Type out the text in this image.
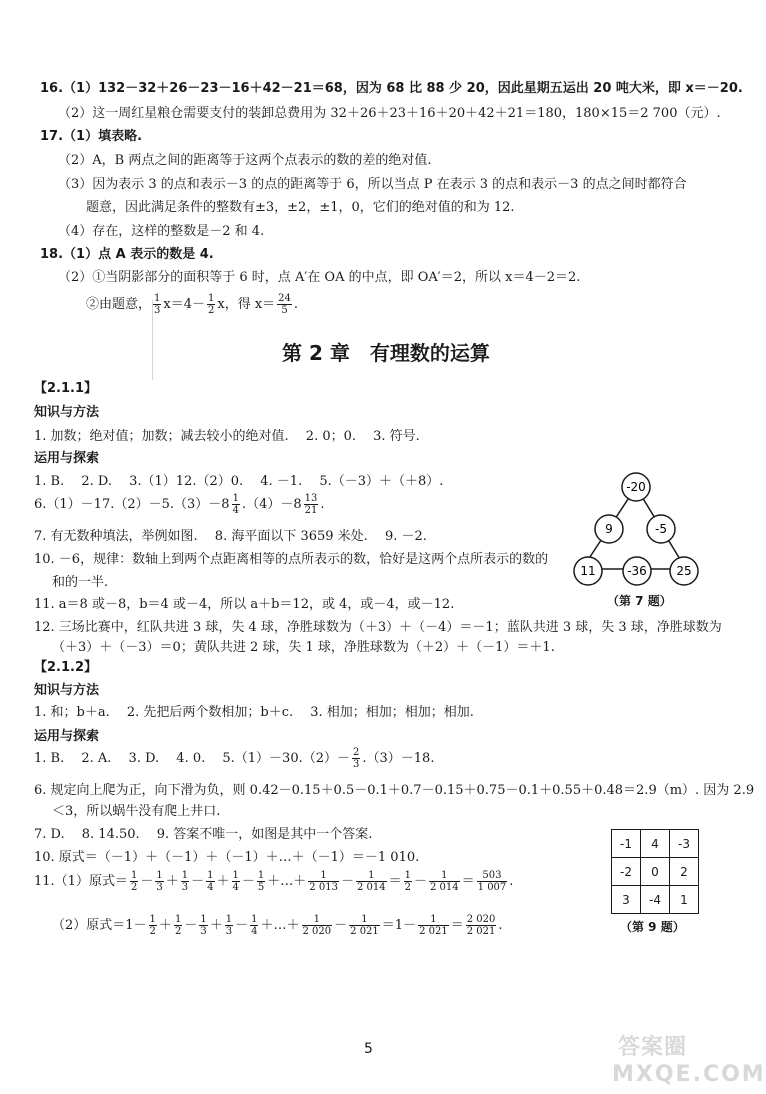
16.（1）132－32＋26－23－16＋42－21＝68，因为 68 比 88 少 20，因此星期五运出 20 吨大米，即 x＝－20.
（2）这一周红星粮仓需要支付的装卸总费用为 32＋26＋23＋16＋20＋42＋21＝180，180×15＝2 700（元）.
17.（1）填表略.
（2）A，B 两点之间的距离等于这两个点表示的数的差的绝对值.
（3）因为表示 3 的点和表示－3 的点的距离等于 6，所以当点 P 在表示 3 的点和表示－3 的点之间时都符合
题意，因此满足条件的整数有±3，±2，±1，0，它们的绝对值的和为 12.
（4）存在，这样的整数是－2 和 4.
18.（1）点 A 表示的数是 4.
（2）①当阴影部分的面积等于 6 时，点 A′在 OA 的中点，即 OA′＝2，所以 x＝4－2＝2.
②由题意， $\frac{1}{3} x=4- \frac{1}{2}$ x，得 $x= \frac{24}{5}$ .
第 2 章　有理数的运算
【2.1.1】
知识与方法
1. 加数；绝对值；加数；减去较小的绝对值.　 2. 0；0.　 3. 符号.
运用与探索
1. B.　 2. D.　 3.（1）12.（2）0.　 4. －1.　 5.（－3）＋（＋8）.
$6.(1)-17.(2)-5.(3)-8 \frac{1}{4} .(4)-8 \frac{13}{21}$ .
7. 有无数种填法，举例如图.　 8. 海平面以下 3659 米处.　 9. －2.
10. －6，规律：数轴上到两个点距离相等的点所表示的数，恰好是这两个点所表示的数的
和的一半.
11. a＝8 或－8，b＝4 或－4，所以 a＋b＝12，或 4，或－4，或－12.
12. 三场比赛中，红队共进 3 球，失 4 球，净胜球数为（＋3）＋（－4）＝－1；蓝队共进 3 球，失 3 球，净胜球数为
（＋3）＋（－3）＝0；黄队共进 2 球，失 1 球，净胜球数为（＋2）＋（－1）＝＋1.
-20
9	-5
11	-36 25
（第 7 题）
【2.1.2】
知识与方法
1. 和；b＋a.　 2. 先把后两个数相加；b＋c.　 3. 相加；相加；相加；相加.
运用与探索
1. B.　 2. A.　 3. D.　 4. 0.　 $5.(1)-30.(2)- \frac{2}{3} .(3)-18$.
6. 规定向上爬为正，向下滑为负，则 0.42－0.15＋0.5－0.1＋0.7－0.15＋0.75－0.1＋0.55＋0.48＝2.9（m）. 因为 2.9
＜3，所以蜗牛没有爬上井口.
7. D.　 8. 14.50.　 9. 答案不唯一，如图是其中一个答案.
10. 原式＝（－1）＋（－1）＋（－1）＋…＋（－1）＝－1 010.
11.（1）原式＝ $\frac{1}{2} - \frac{1}{3} + \frac{1}{3} - \frac{1}{4} + \frac{1}{4} - \frac{1}{5}$ ＋…＋ $\frac{1}{2 013} - \frac{1}{2 014} = \frac{1}{2} - \frac{1}{2 014} = \frac{503}{1 007}$ .
（2）原式$=1- \frac{1}{2} + \frac{1}{2} - \frac{1}{3} + \frac{1}{3} - \frac{1}{4}$ ＋…＋ $\frac{1}{2 020} - \frac{1}{2 021} =1- \frac{1}{2 021} = \frac{2 020}{2 021}$ .
-1	4	-3
-2	0	2
3	-4	1
（第 9 题）
5	答案圈
MXQE.COM
